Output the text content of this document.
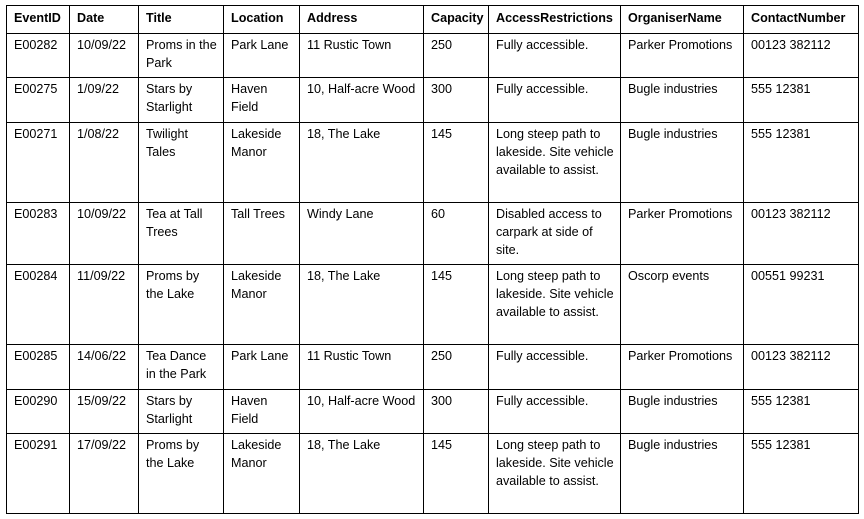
EventID	Date	Title	Location	Address	Capacity	AccessRestrictions	OrganiserName	ContactNumber
E00282	10/09/22	Proms in the Park	Park Lane	11 Rustic Town	250	Fully accessible.	Parker Promotions	00123 382112
E00275	1/09/22	Stars by Starlight	Haven Field	10, Half-acre Wood	300	Fully accessible.	Bugle industries	555 12381
E00271	1/08/22	Twilight Tales	Lakeside Manor	18, The Lake	145	Long steep path to lakeside. Site vehicle available to assist.	Bugle industries	555 12381
E00283	10/09/22	Tea at Tall Trees	Tall Trees	Windy Lane	60	Disabled access to carpark at side of site.	Parker Promotions	00123 382112
E00284	11/09/22	Proms by the Lake	Lakeside Manor	18, The Lake	145	Long steep path to lakeside. Site vehicle available to assist.	Oscorp events	00551 99231
E00285	14/06/22	Tea Dance in the Park	Park Lane	11 Rustic Town	250	Fully accessible.	Parker Promotions	00123 382112
E00290	15/09/22	Stars by Starlight	Haven Field	10, Half-acre Wood	300	Fully accessible.	Bugle industries	555 12381
E00291	17/09/22	Proms by the Lake	Lakeside Manor	18, The Lake	145	Long steep path to lakeside. Site vehicle available to assist.	Bugle industries	555 12381
